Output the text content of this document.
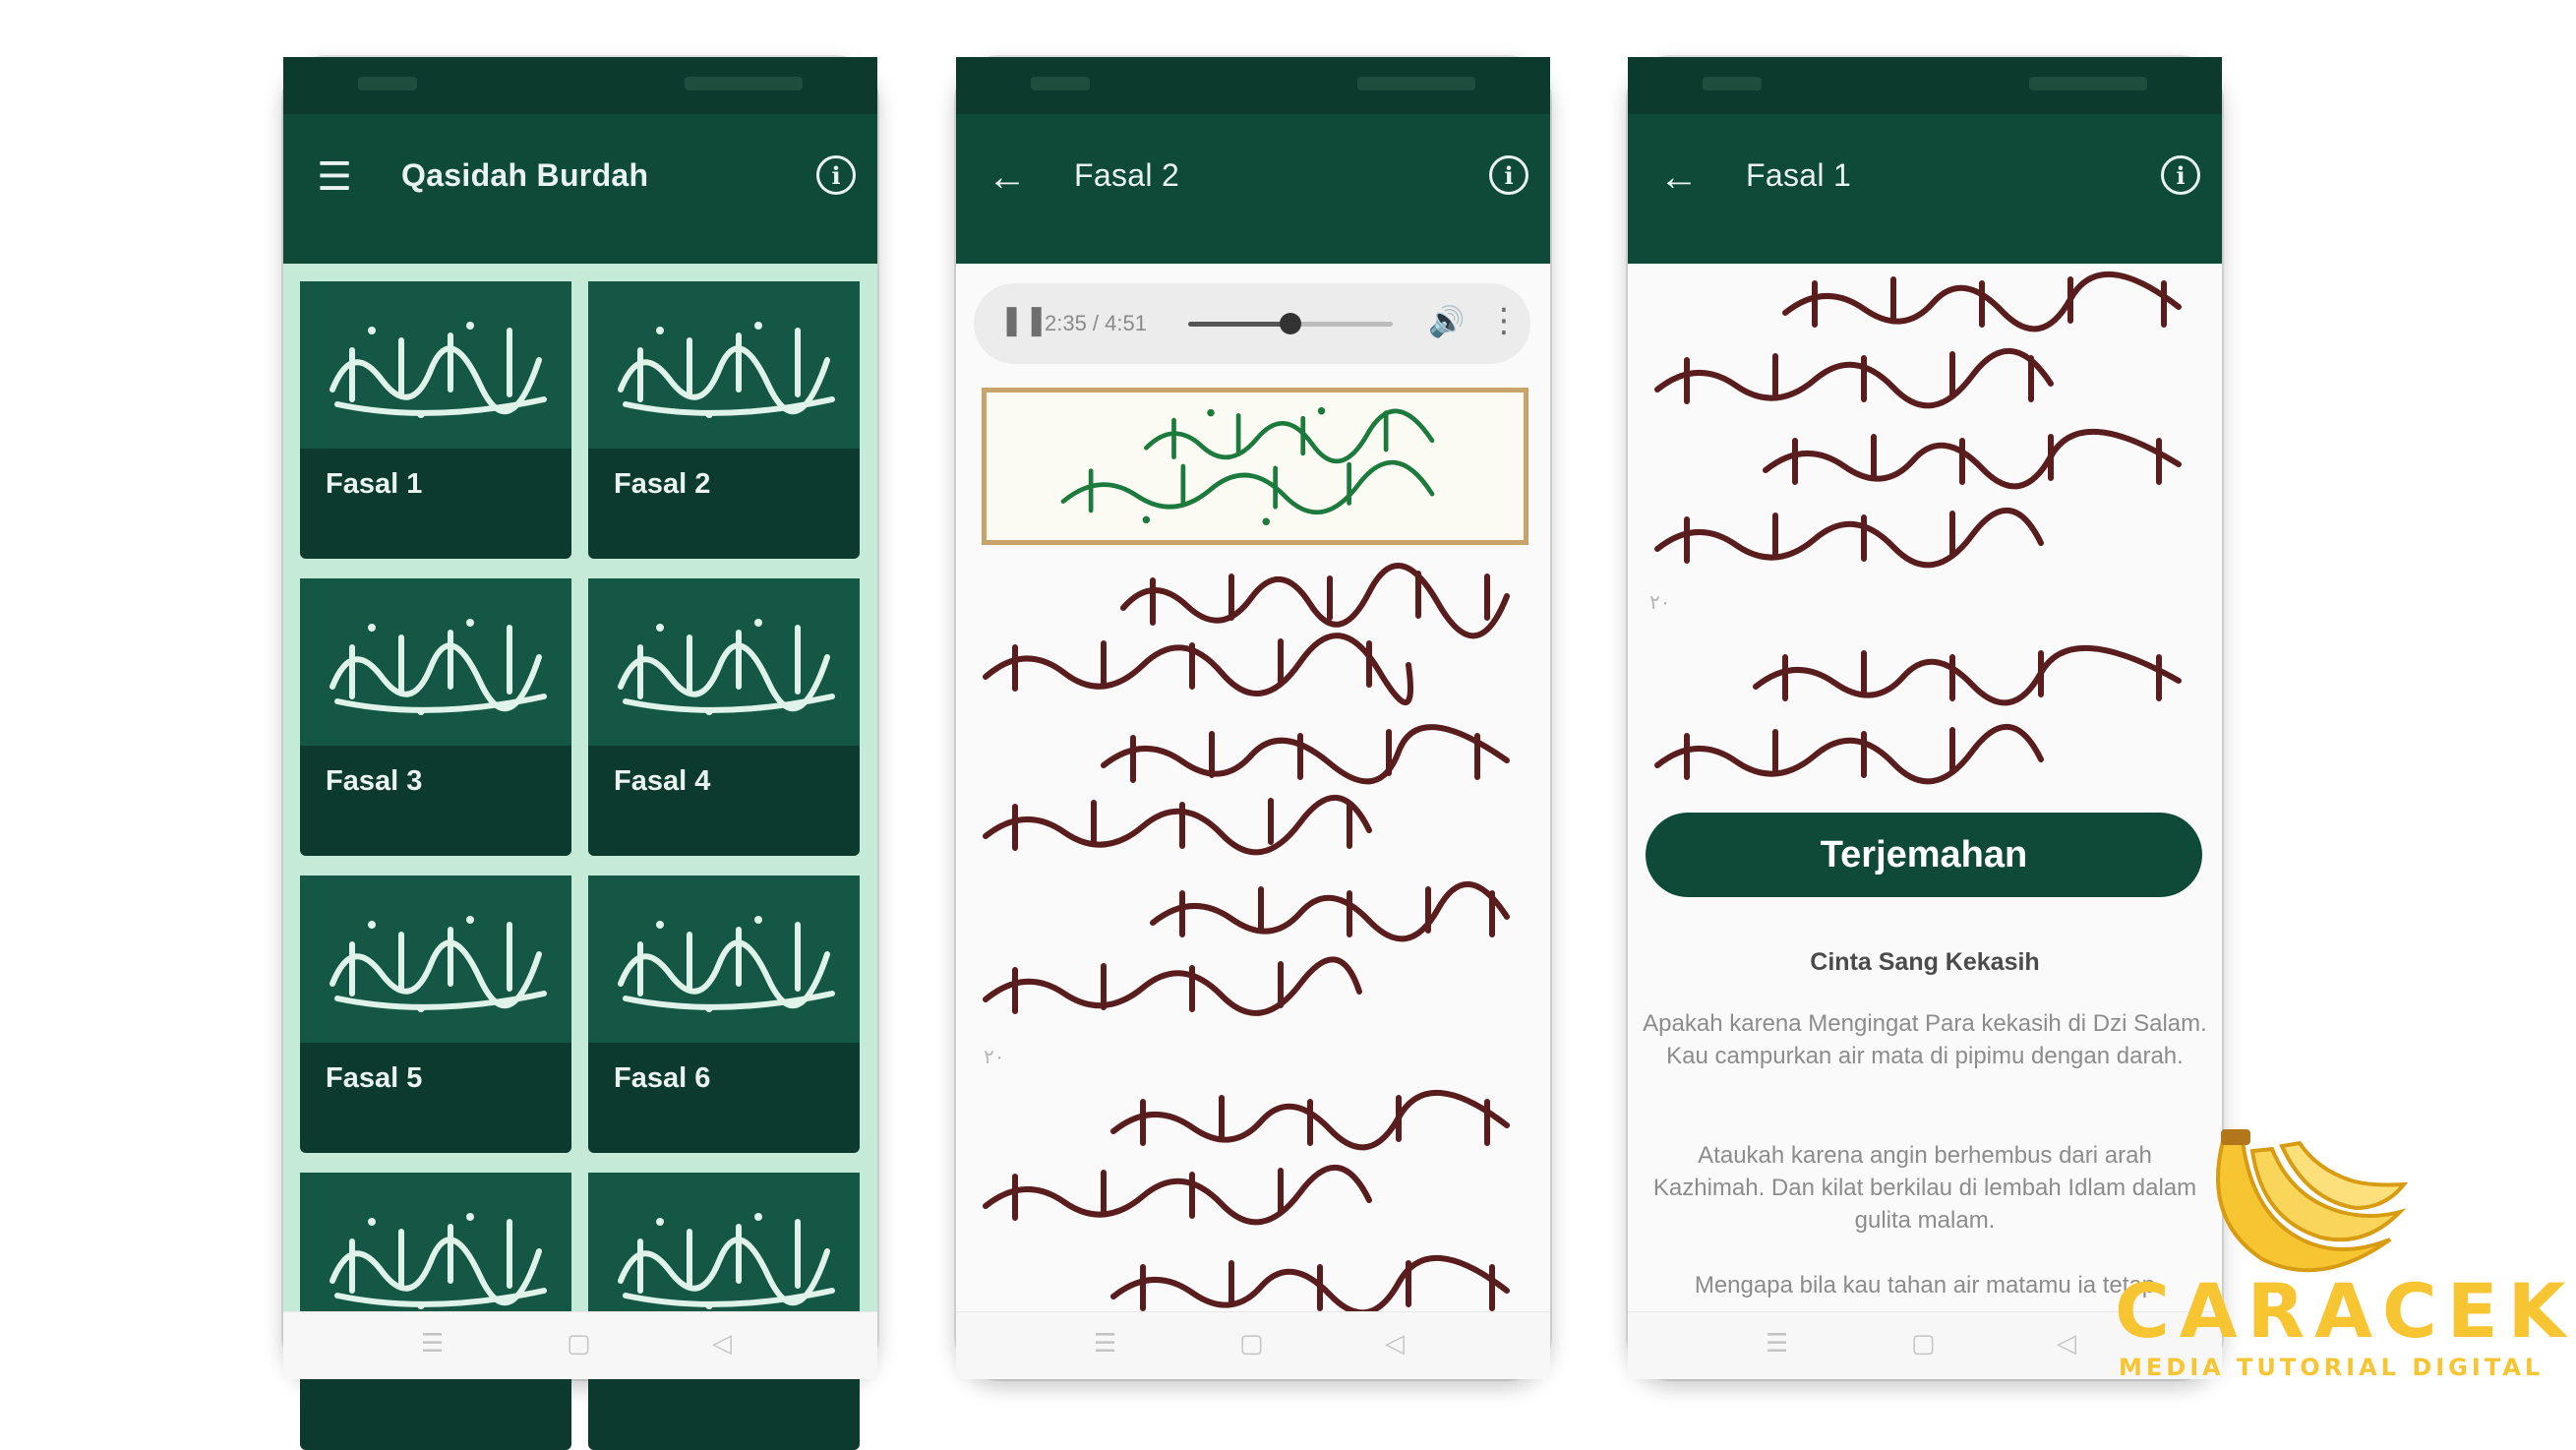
☰ Qasidah Burdah	i
Fasal 1	Fasal 2
Fasal 3	Fasal 4
Fasal 5	Fasal 6
☰	▢	◁
← Fasal 2	i
❚❚
2:35 / 4:51	🔊 ⋮
٢٠
☰	▢	◁
← Fasal 1	i
٢٠
Terjemahan
Cinta Sang Kekasih
Apakah karena Mengingat Para kekasih di Dzi Salam. Kau campurkan air mata di pipimu dengan darah.
Ataukah karena angin berhembus dari arah Kazhimah. Dan kilat berkilau di lembah Idlam dalam gulita malam.
Mengapa bila kau tahan air matamu ia tetap
☰	▢	◁ CARACEK
MEDIA TUTORIAL DIGITAL
